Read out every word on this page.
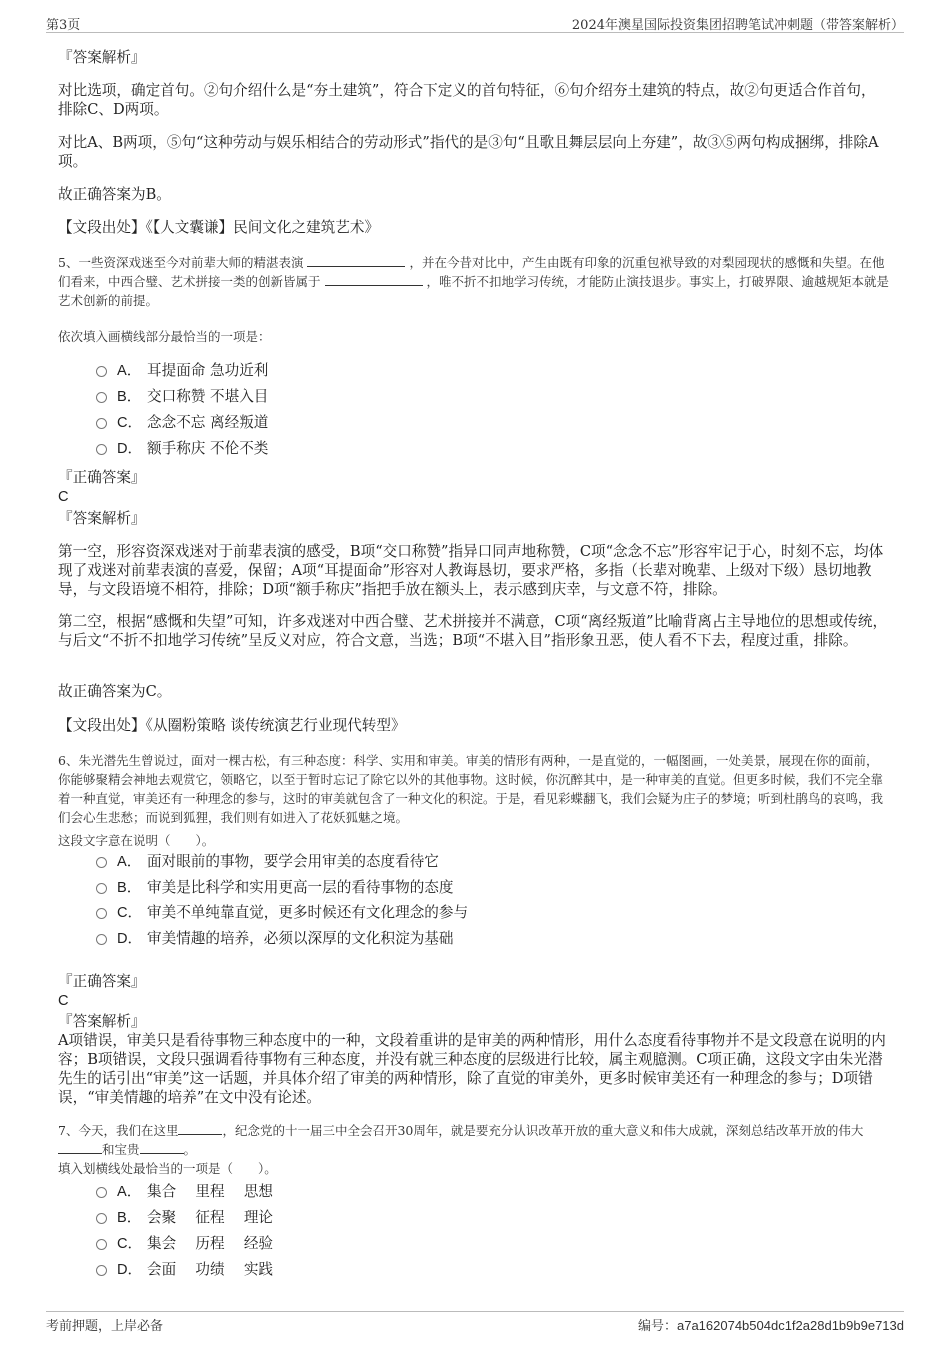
第3页	2024年澳星国际投资集团招聘笔试冲刺题（带答案解析）
『答案解析』
对比选项，确定首句。②句介绍什么是“夯土建筑”，符合下定义的首句特征，⑥句介绍夯土建筑的特点，故②句更适合作首句，排除C、D两项。
对比A、B两项，⑤句“这种劳动与娱乐相结合的劳动形式”指代的是③句“且歌且舞层层向上夯建”，故③⑤两句构成捆绑，排除A项。
故正确答案为B。
【文段出处】《【人文囊谦】民间文化之建筑艺术》
5、一些资深戏迷至今对前辈大师的精湛表演	，并在今昔对比中，产生由既有印象的沉重包袱导致的对梨园现状的感慨和失望。在他们看来，中西合璧、艺术拼接一类的创新皆属于	，唯不折不扣地学习传统，才能防止演技退步。事实上，打破界限、逾越规矩本就是艺术创新的前提。
依次填入画横线部分最恰当的一项是：
A． 耳提面命 急功近利
B． 交口称赞 不堪入目
C． 念念不忘 离经叛道
D． 额手称庆 不伦不类
『正确答案』
C
『答案解析』
第一空，形容资深戏迷对于前辈表演的感受，B项“交口称赞”指异口同声地称赞，C项“念念不忘”形容牢记于心，时刻不忘，均体现了戏迷对前辈表演的喜爱，保留；A项“耳提面命”形容对人教诲恳切，要求严格，多指（长辈对晚辈、上级对下级）恳切地教导，与文段语境不相符，排除；D项“额手称庆”指把手放在额头上，表示感到庆幸，与文意不符，排除。
第二空，根据“感慨和失望”可知，许多戏迷对中西合璧、艺术拼接并不满意，C项“离经叛道”比喻背离占主导地位的思想或传统，与后文“不折不扣地学习传统”呈反义对应，符合文意，当选；B项“不堪入目”指形象丑恶，使人看不下去，程度过重，排除。
故正确答案为C。
【文段出处】《从圈粉策略 谈传统演艺行业现代转型》
6、朱光潜先生曾说过，面对一棵古松，有三种态度：科学、实用和审美。审美的情形有两种，一是直觉的，一幅图画，一处美景，展现在你的面前，你能够聚精会神地去观赏它，领略它，以至于暂时忘记了除它以外的其他事物。这时候，你沉醉其中，是一种审美的直觉。但更多时候，我们不完全靠着一种直觉，审美还有一种理念的参与，这时的审美就包含了一种文化的积淀。于是，看见彩蝶翻飞，我们会疑为庄子的梦境；听到杜鹃鸟的哀鸣，我们会心生悲愁；而说到狐狸，我们则有如进入了花妖狐魅之境。
这段文字意在说明（　　）。
A． 面对眼前的事物，要学会用审美的态度看待它
B． 审美是比科学和实用更高一层的看待事物的态度
C． 审美不单纯靠直觉，更多时候还有文化理念的参与
D． 审美情趣的培养，必须以深厚的文化积淀为基础
『正确答案』
C
『答案解析』
A项错误，审美只是看待事物三种态度中的一种，文段着重讲的是审美的两种情形，用什么态度看待事物并不是文段意在说明的内容；B项错误，文段只强调看待事物有三种态度，并没有就三种态度的层级进行比较，属主观臆测。C项正确，这段文字由朱光潜先生的话引出“审美”这一话题，并具体介绍了审美的两种情形，除了直觉的审美外，更多时候审美还有一种理念的参与；D项错误，“审美情趣的培养”在文中没有论述。
7、今天，我们在这里	，纪念党的十一届三中全会召开30周年，就是要充分认识改革开放的重大意义和伟大成就，深刻总结改革开放的伟大和宝贵	。
填入划横线处最恰当的一项是（　　）。
A． 集合　 里程　 思想
B． 会聚　 征程　 理论
C． 集会　 历程　 经验
D． 会面　 功绩　 实践
考前押题，上岸必备	编号：a7a162074b504dc1f2a28d1b9b9e713d
